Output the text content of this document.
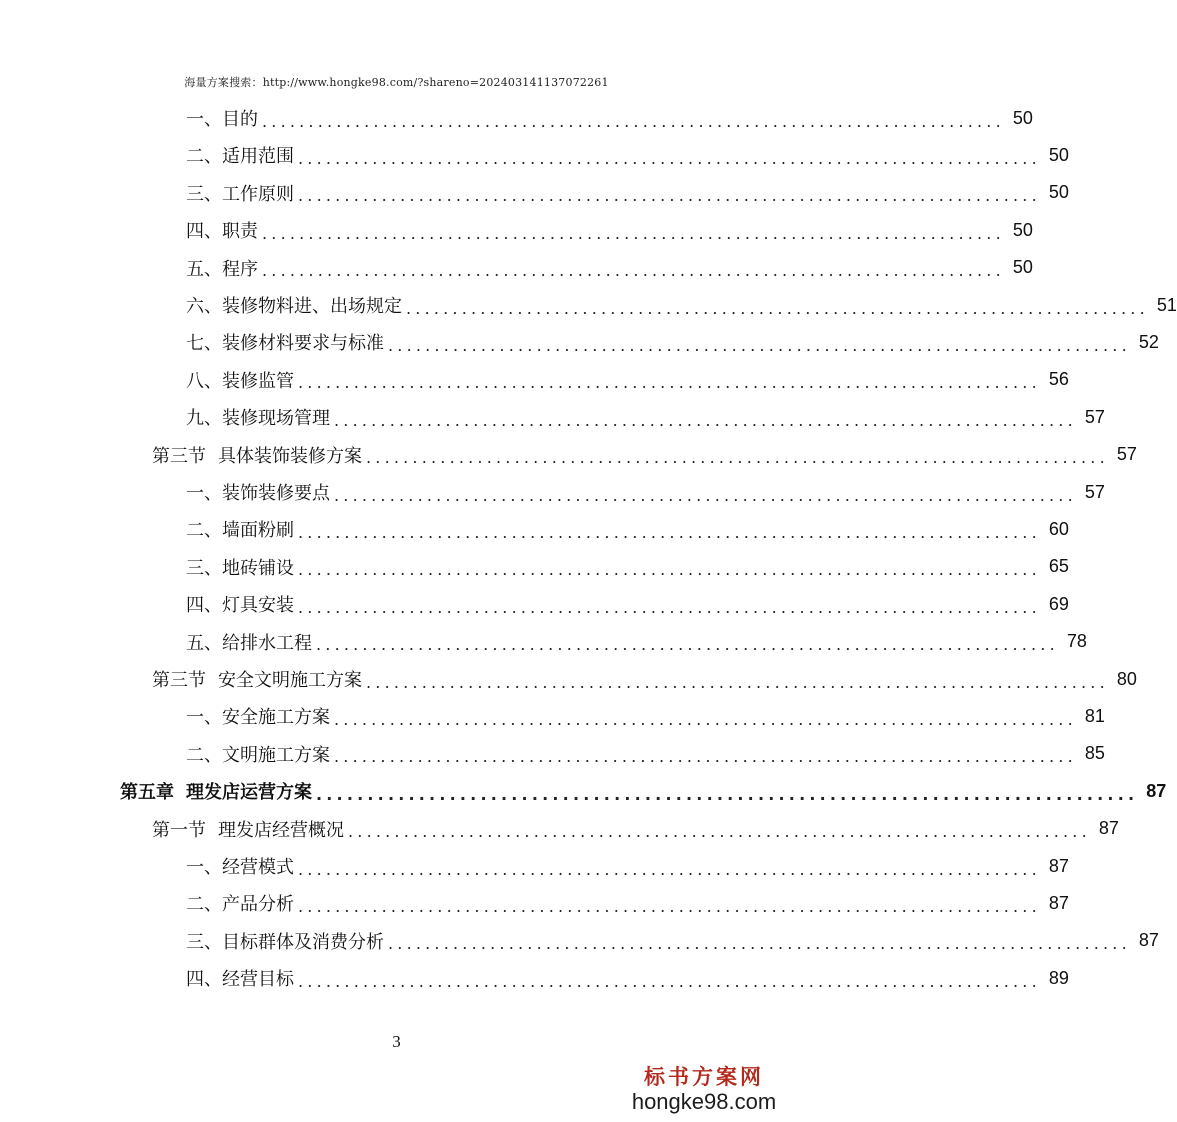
海量方案搜索：http://www.hongke98.com/?shareno=202403141137072261
一、 目的 ................................................................................ 50
二、 适用范围 ................................................................................ 50
三、 工作原则 ................................................................................ 50
四、 职责 ................................................................................ 50
五、 程序 ................................................................................ 50
六、 装修物料进、出场规定 ................................................................................ 51
七、 装修材料要求与标准 ................................................................................ 52
八、 装修监管 ................................................................................ 56
九、 装修现场管理 ................................................................................ 57
第三节 具体装饰装修方案 ................................................................................ 57
一、 装饰装修要点 ................................................................................ 57
二、 墙面粉刷 ................................................................................ 60
三、 地砖铺设 ................................................................................ 65
四、 灯具安装 ................................................................................ 69
五、 给排水工程 ................................................................................ 78
第三节 安全文明施工方案 ................................................................................ 80
一、 安全施工方案 ................................................................................ 81
二、 文明施工方案 ................................................................................ 85
第五章 理发店运营方案 ................................................................................ 87
第一节 理发店经营概况 ................................................................................ 87
一、 经营模式 ................................................................................ 87
二、 产品分析 ................................................................................ 87
三、 目标群体及消费分析 ................................................................................ 87
四、 经营目标 ................................................................................ 89
3
标书方案网
hongke98.com
